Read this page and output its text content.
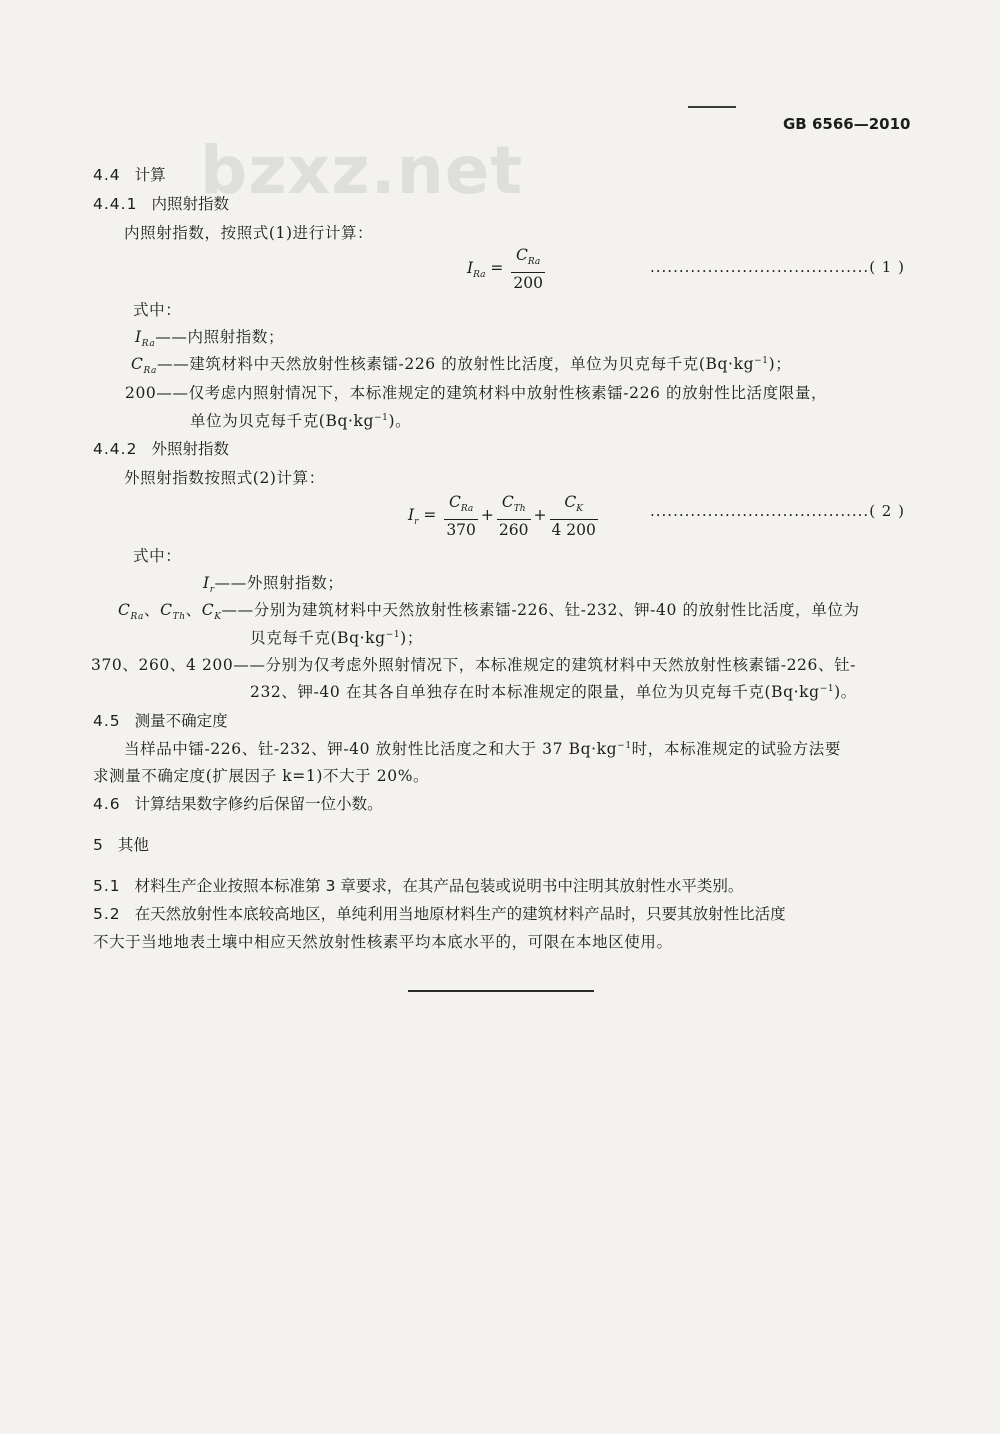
GB 6566—2010
bzxz.net
4.4 计算
4.4.1 内照射指数
内照射指数，按照式(1)进行计算：
$I_{Ra} = \frac{C_{Ra}}{200}$	......................................( 1 )
式中：
$I_{Ra}——$内照射指数；
$C_{Ra}——$建筑材料中天然放射性核素镭-226 的放射性比活度，单位为贝克每千克$(Bq\cdot kg^{-1})$；
200——仅考虑内照射情况下，本标准规定的建筑材料中放射性核素镭-226 的放射性比活度限量，
单位为贝克每千克$(Bq\cdot kg^{-1})$。
4.4.2 外照射指数
外照射指数按照式(2)计算：
$I_r = \frac{C_{Ra}}{370} + \frac{C_{Th}}{260} + \frac{C_K}{4 200}$	......................................( 2 )
式中：
$I_r——$外照射指数；
$C_{Ra}$、$C_{Th}$、$C_K——$分别为建筑材料中天然放射性核素镭-226、钍-232、钾-40 的放射性比活度，单位为
贝克每千克$(Bq\cdot kg^{-1})$；
370、260、4 200——分别为仅考虑外照射情况下，本标准规定的建筑材料中天然放射性核素镭-226、钍-
232、钾-40 在其各自单独存在时本标准规定的限量，单位为贝克每千克$(Bq\cdot kg^{-1})$。
4.5 测量不确定度
当样品中镭-226、钍-232、钾-40 放射性比活度之和大于 37 $Bq\cdot kg^{-1}$时，本标准规定的试验方法要
求测量不确定度(扩展因子 k=1)不大于 20%。
4.6 计算结果数字修约后保留一位小数。
5 其他
5.1 材料生产企业按照本标准第 3 章要求，在其产品包装或说明书中注明其放射性水平类别。
5.2 在天然放射性本底较高地区，单纯利用当地原材料生产的建筑材料产品时，只要其放射性比活度
不大于当地地表土壤中相应天然放射性核素平均本底水平的，可限在本地区使用。
